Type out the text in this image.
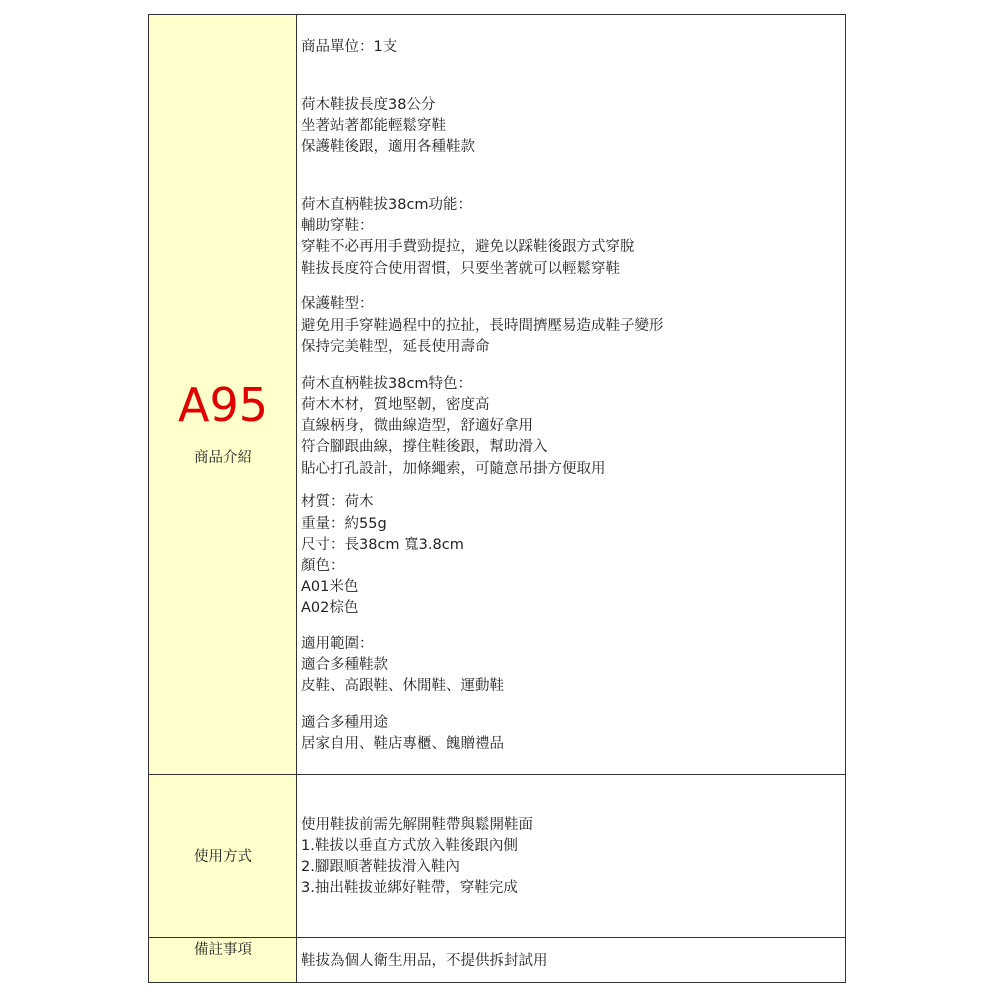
A95
商品介紹
商品單位：1支
荷木鞋拔長度38公分
坐著站著都能輕鬆穿鞋
保護鞋後跟，適用各種鞋款
荷木直柄鞋拔38cm功能：
輔助穿鞋：
穿鞋不必再用手費勁提拉，避免以踩鞋後跟方式穿脫
鞋拔長度符合使用習慣，只要坐著就可以輕鬆穿鞋
保護鞋型：
避免用手穿鞋過程中的拉扯，長時間擠壓易造成鞋子變形
保持完美鞋型，延長使用壽命
荷木直柄鞋拔38cm特色：
荷木木材，質地堅韌，密度高
直線柄身，微曲線造型，舒適好拿用
符合腳跟曲線，撐住鞋後跟，幫助滑入
貼心打孔設計，加條繩索，可隨意吊掛方便取用
材質：荷木
重量：約55g
尺寸：長38cm 寬3.8cm
顏色：
A01米色
A02棕色
適用範圍：
適合多種鞋款
皮鞋、高跟鞋、休閒鞋、運動鞋
適合多種用途
居家自用、鞋店專櫃、餽贈禮品
使用方式
使用鞋拔前需先解開鞋帶與鬆開鞋面
1.鞋拔以垂直方式放入鞋後跟內側
2.腳跟順著鞋拔滑入鞋內
3.抽出鞋拔並綁好鞋帶，穿鞋完成
備註事項
鞋拔為個人衛生用品，不提供拆封試用
